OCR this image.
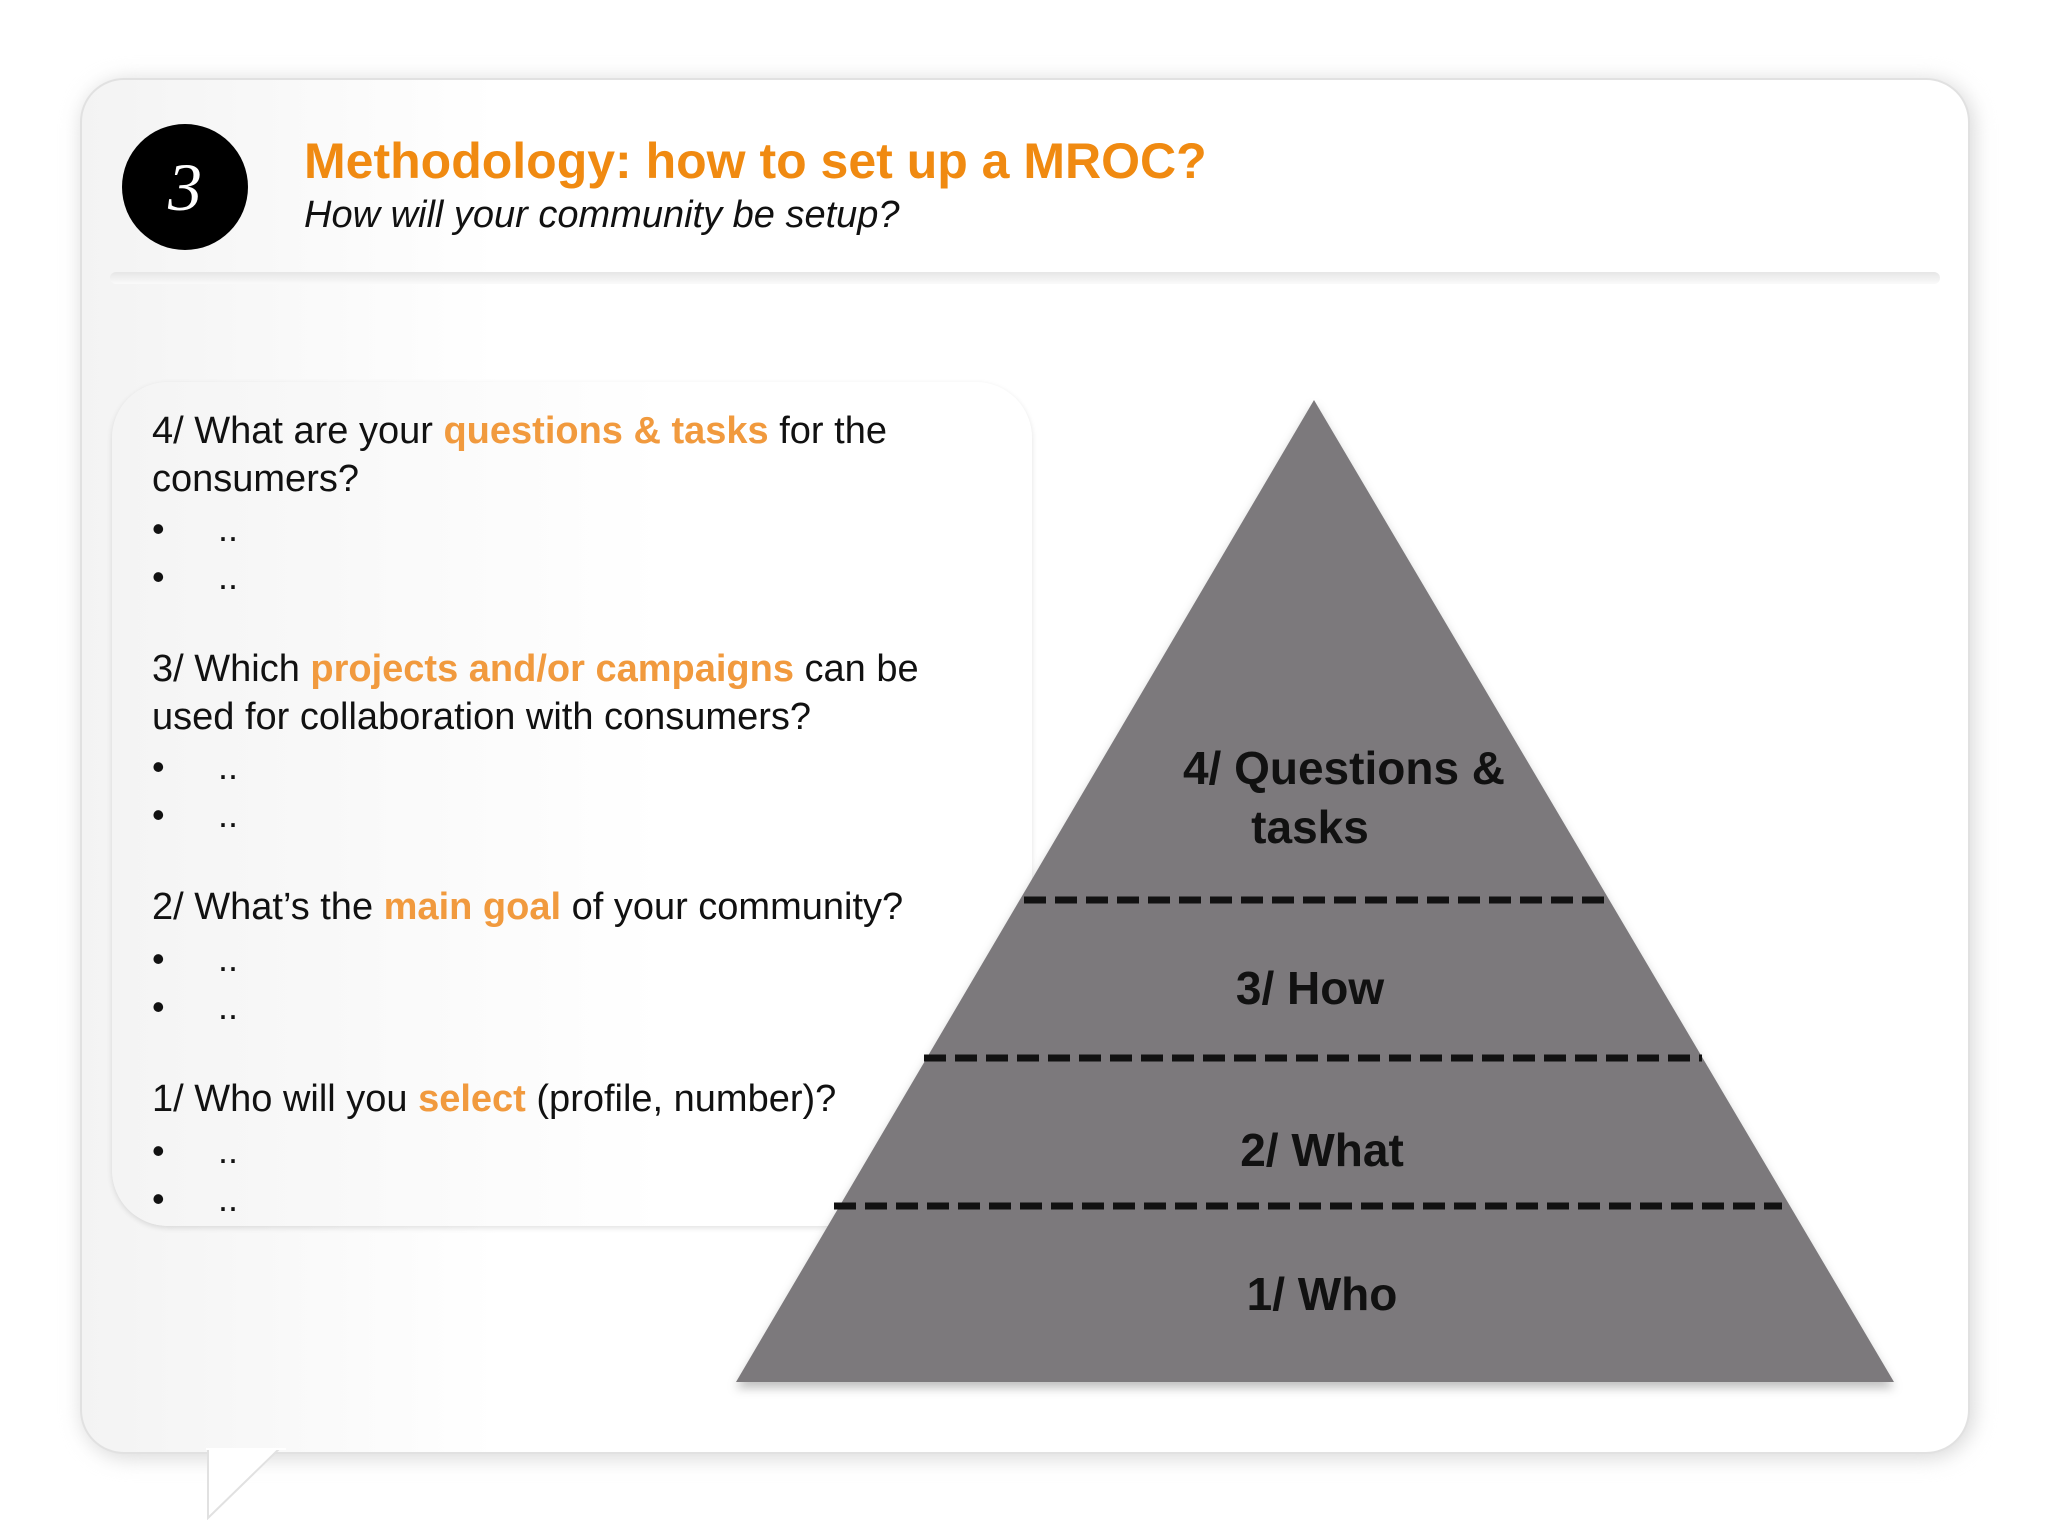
3	Methodology: how to set up a MROC?
How will your community be setup?
4/ What are your questions & tasks for the
consumers?
• ..
• ..
3/ Which projects and/or campaigns can be
used for collaboration with consumers?
• ..
• ..
2/ What’s the main goal of your community?
• ..
• ..
1/ Who will you select (profile, number)?
• ..
• ..
4/ Questions &
tasks
3/ How
2/ What
1/ Who
